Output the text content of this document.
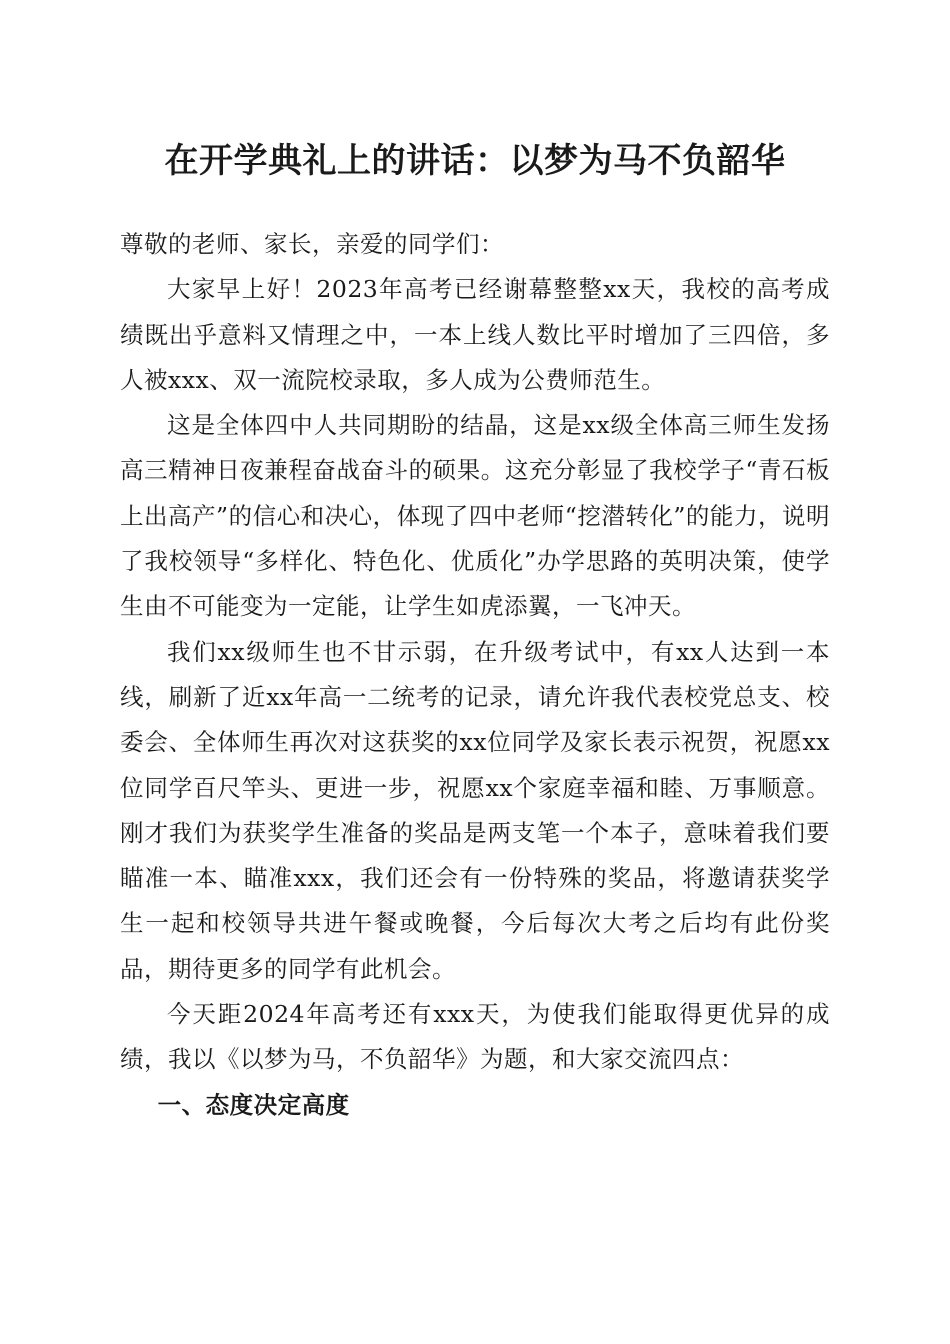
在开学典礼上的讲话：以梦为马不负韶华

尊敬的老师、家长，亲爱的同学们：

大家早上好！2023年高考已经谢幕整整xx天，我校的高考成绩既出乎意料又情理之中，一本上线人数比平时增加了三四倍，多人被xxx、双一流院校录取，多人成为公费师范生。

这是全体四中人共同期盼的结晶，这是xx级全体高三师生发扬高三精神日夜兼程奋战奋斗的硕果。这充分彰显了我校学子“青石板上出高产”的信心和决心，体现了四中老师“挖潜转化”的能力，说明了我校领导“多样化、特色化、优质化”办学思路的英明决策，使学生由不可能变为一定能，让学生如虎添翼，一飞冲天。

我们xx级师生也不甘示弱，在升级考试中，有xx人达到一本线，刷新了近xx年高一二统考的记录，请允许我代表校党总支、校委会、全体师生再次对这获奖的xx位同学及家长表示祝贺，祝愿xx位同学百尺竿头、更进一步，祝愿xx个家庭幸福和睦、万事顺意。刚才我们为获奖学生准备的奖品是两支笔一个本子，意味着我们要瞄准一本、瞄准xxx，我们还会有一份特殊的奖品，将邀请获奖学生一起和校领导共进午餐或晚餐，今后每次大考之后均有此份奖品，期待更多的同学有此机会。

今天距2024年高考还有xxx天，为使我们能取得更优异的成绩，我以《以梦为马，不负韶华》为题，和大家交流四点：

一、态度决定高度
